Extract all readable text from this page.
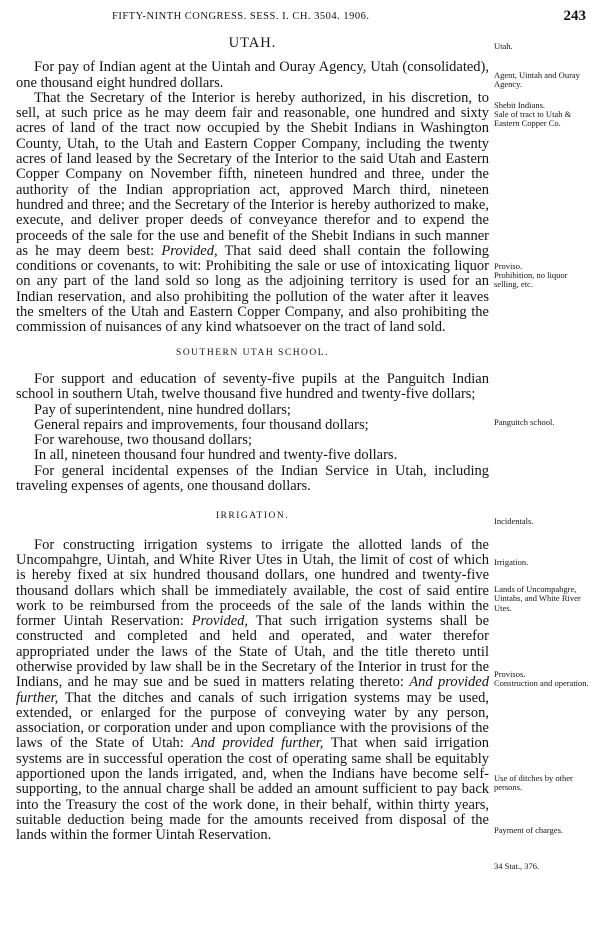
FIFTY-NINTH CONGRESS. SESS. I. CH. 3504. 1906.	243

UTAH.

For pay of Indian agent at the Uintah and Ouray Agency, Utah (consolidated), one thousand eight hundred dollars.

That the Secretary of the Interior is hereby authorized, in his discretion, to sell, at such price as he may deem fair and reasonable, one hundred and sixty acres of land of the tract now occupied by the Shebit Indians in Washington County, Utah, to the Utah and Eastern Copper Company, including the twenty acres of land leased by the Secretary of the Interior to the said Utah and Eastern Copper Company on November fifth, nineteen hundred and three, under the authority of the Indian appropriation act, approved March third, nineteen hundred and three; and the Secretary of the Interior is hereby authorized to make, execute, and deliver proper deeds of conveyance therefor and to expend the proceeds of the sale for the use and benefit of the Shebit Indians in such manner as he may deem best: Provided, That said deed shall contain the following conditions or covenants, to wit: Prohibiting the sale or use of intoxicating liquor on any part of the land sold so long as the adjoining territory is used for an Indian reservation, and also prohibiting the pollution of the water after it leaves the smelters of the Utah and Eastern Copper Company, and also prohibiting the commission of nuisances of any kind whatsoever on the tract of land sold.

SOUTHERN UTAH SCHOOL.

For support and education of seventy-five pupils at the Panguitch Indian school in southern Utah, twelve thousand five hundred and twenty-five dollars;

Pay of superintendent, nine hundred dollars;

General repairs and improvements, four thousand dollars;

For warehouse, two thousand dollars;

In all, nineteen thousand four hundred and twenty-five dollars.

For general incidental expenses of the Indian Service in Utah, including traveling expenses of agents, one thousand dollars.

IRRIGATION.

For constructing irrigation systems to irrigate the allotted lands of the Uncompahgre, Uintah, and White River Utes in Utah, the limit of cost of which is hereby fixed at six hundred thousand dollars, one hundred and twenty-five thousand dollars which shall be immediately available, the cost of said entire work to be reimbursed from the proceeds of the sale of the lands within the former Uintah Reservation: Provided, That such irrigation systems shall be constructed and completed and held and operated, and water therefor appropriated under the laws of the State of Utah, and the title thereto until otherwise provided by law shall be in the Secretary of the Interior in trust for the Indians, and he may sue and be sued in matters relating thereto: And provided further, That the ditches and canals of such irrigation systems may be used, extended, or enlarged for the purpose of conveying water by any person, association, or corporation under and upon compliance with the provisions of the laws of the State of Utah: And provided further, That when said irrigation systems are in successful operation the cost of operating same shall be equitably apportioned upon the lands irrigated, and, when the Indians have become self-supporting, to the annual charge shall be added an amount sufficient to pay back into the Treasury the cost of the work done, in their behalf, within thirty years, suitable deduction being made for the amounts received from disposal of the lands within the former Uintah Reservation.

Utah.
Agent, Uintah and Ouray Agency.
Shebit Indians.
Sale of tract to Utah & Eastern Copper Co.
Proviso.
Prohibition, no liquor selling, etc.
Panguitch school.
Incidentals.
Irrigation.
Lands of Uncompahgre, Uintahs, and White River Utes.
Provisos.
Construction and operation.
Use of ditches by other persons.
Payment of charges.
34 Stat., 376.
